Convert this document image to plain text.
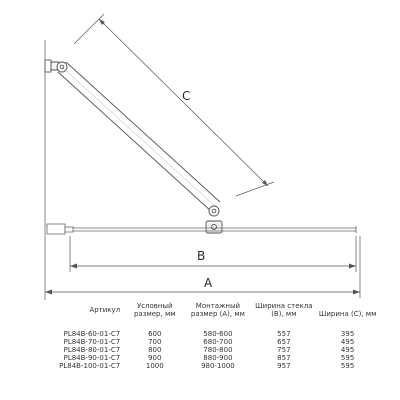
C
B
A
Артикул	Условный размер, мм	Монтажный размер (A), мм	Ширина стекла (B), мм	Ширина (C), мм
PL84B-60-01-C7	600	580-600	557	395
PL84B-70-01-C7	700	680-700	657	495
PL84B-80-01-C7	800	780-800	757	495
PL84B-90-01-C7	900	880-900	857	595
PL84B-100-01-C7	1000	980-1000	957	595
